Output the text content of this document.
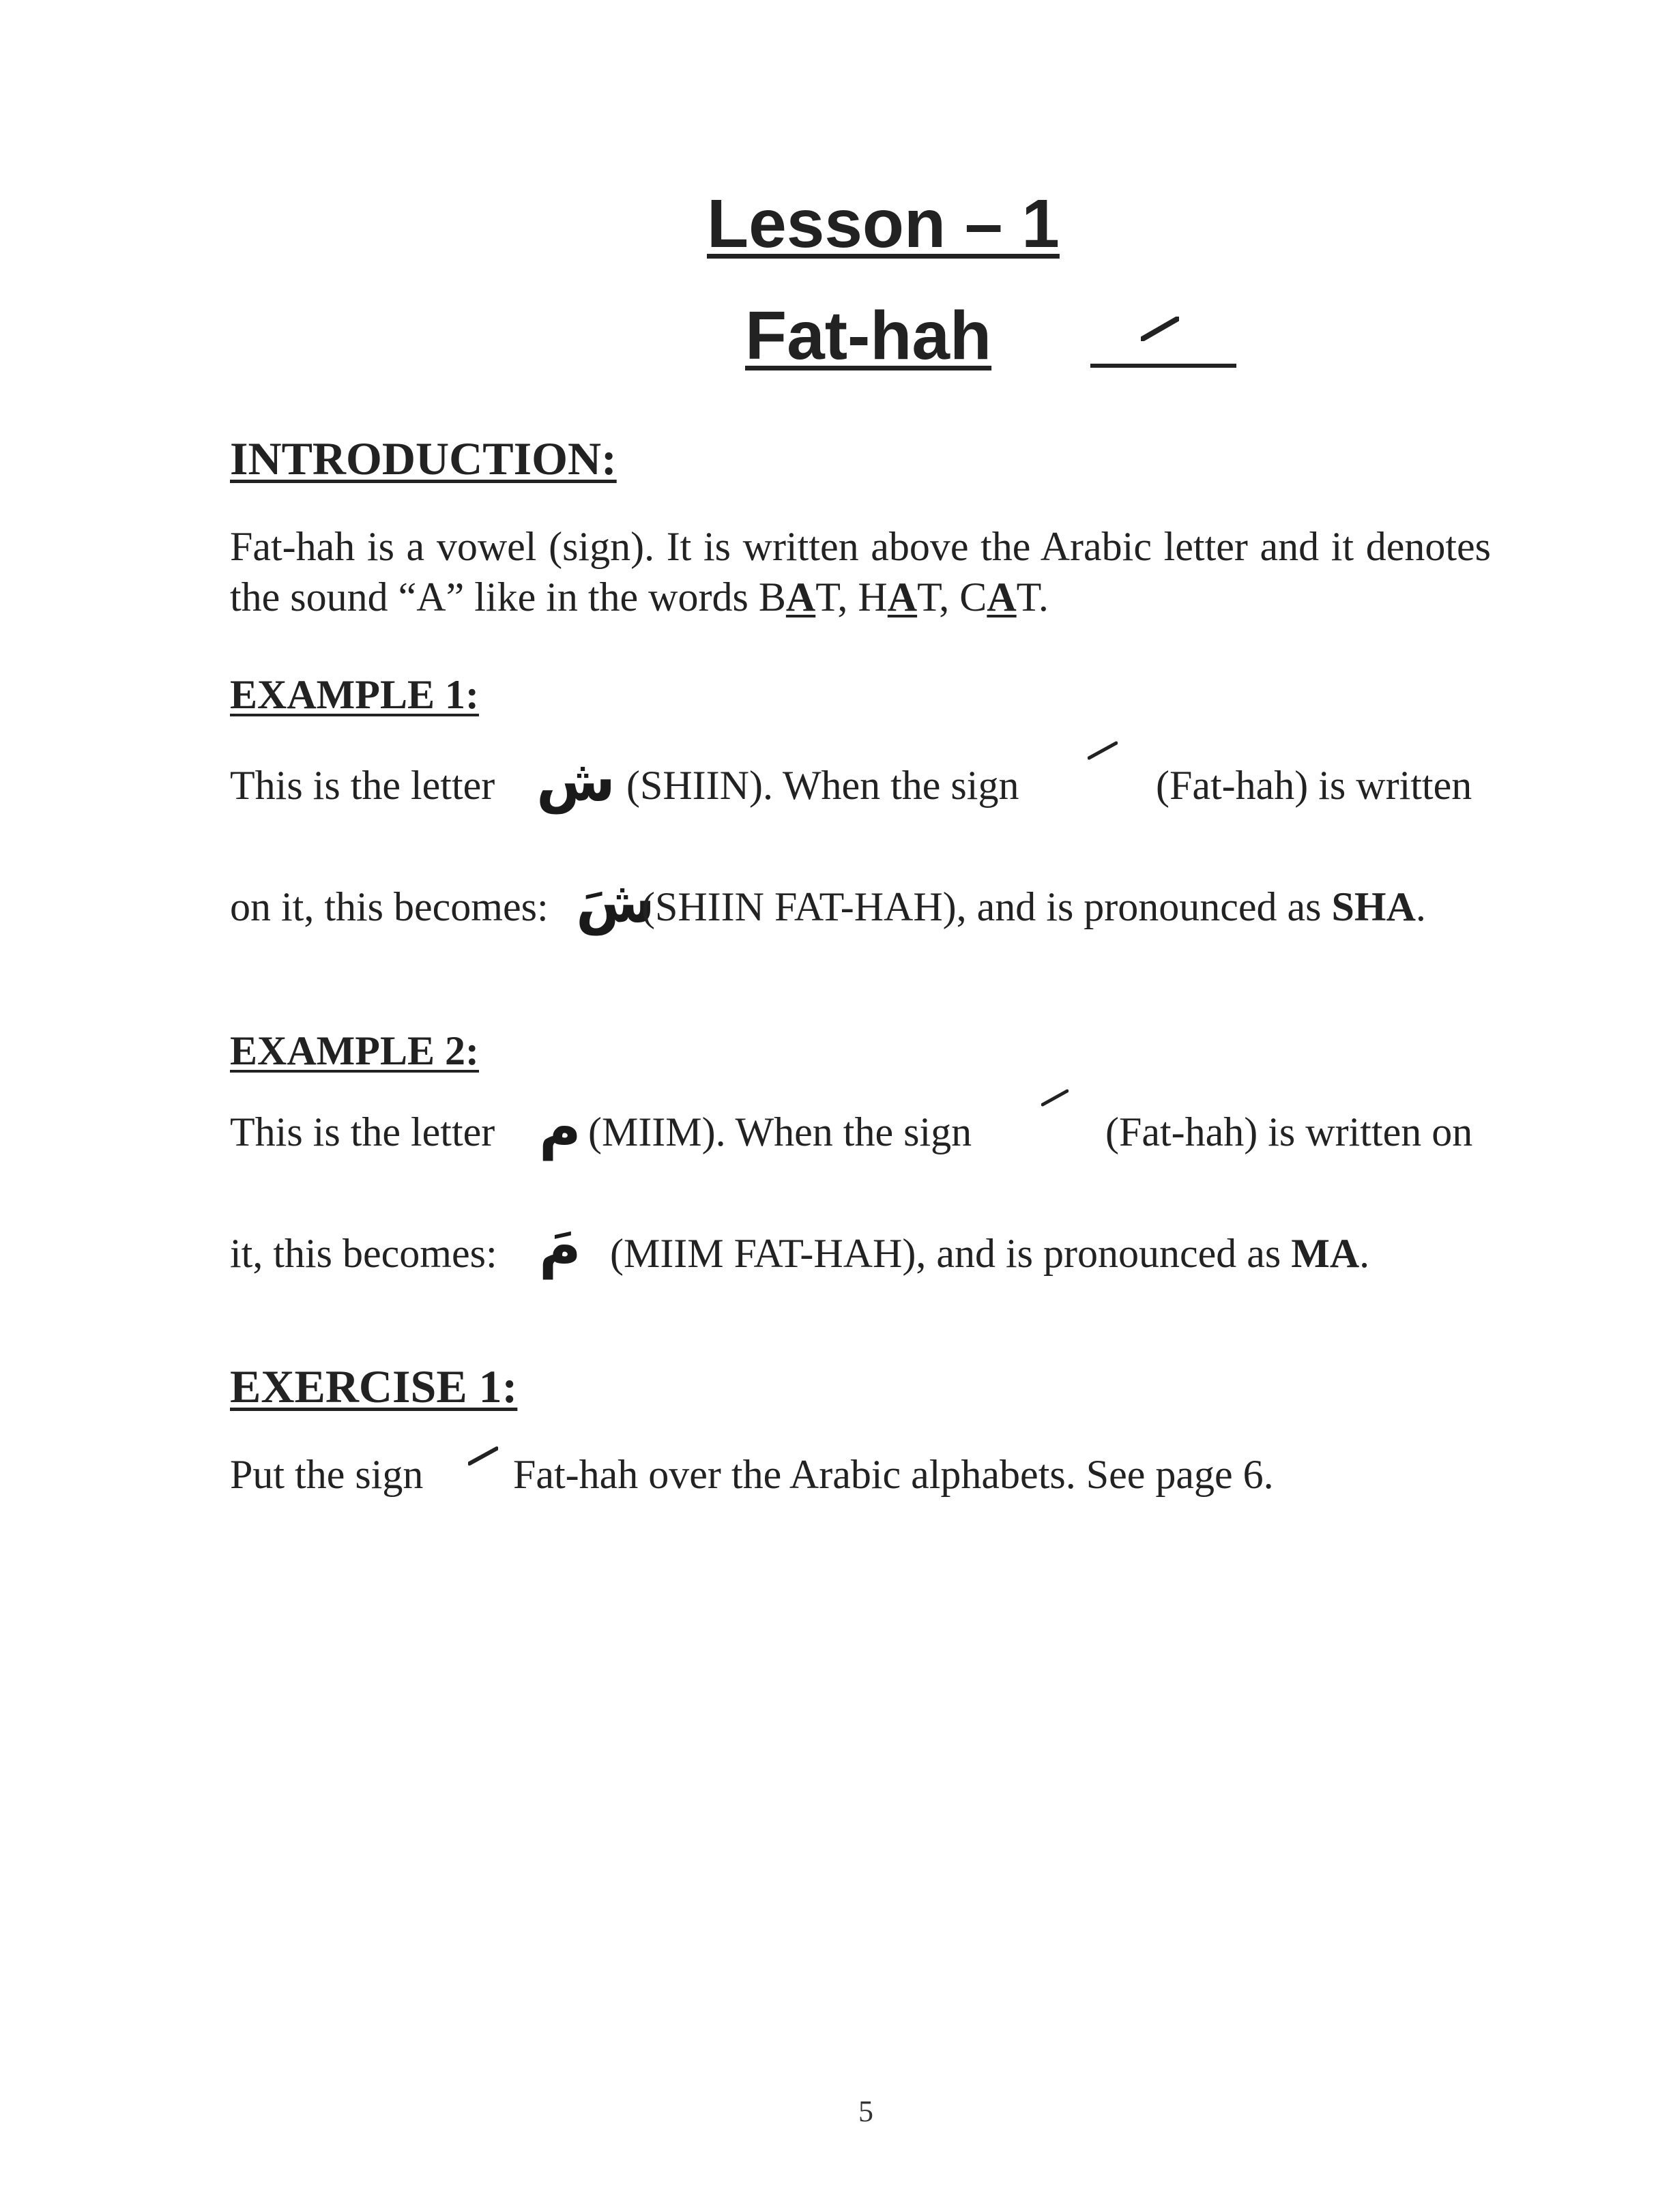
Lesson – 1
Fat-hah
INTRODUCTION:
Fat-hah is a vowel (sign). It is written above the Arabic letter and it denotes the sound “A” like in the words BAT, HAT, CAT.
EXAMPLE 1:
This is the letter ش (SHIIN). When the sign	(Fat-hah) is written
on it, this becomes: شَ
(SHIIN FAT-HAH), and is pronounced as SHA.
EXAMPLE 2:
This is the letter م (MIIM). When the sign	(Fat-hah) is written on
it, this becomes: مَ (MIIM FAT-HAH), and is pronounced as MA.
EXERCISE 1:
Put the sign Fat-hah over the Arabic alphabets. See page 6.
5
